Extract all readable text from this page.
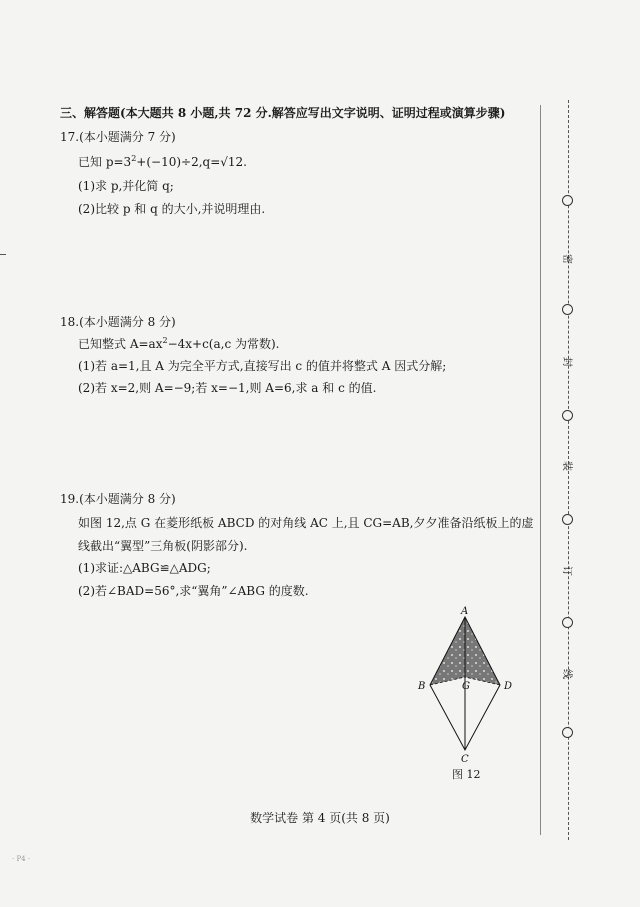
三、解答题(本大题共 8 小题,共 72 分.解答应写出文字说明、证明过程或演算步骤)
17.(本小题满分 7 分)
已知 $p=3^2+(-10)\div 2,q=√12$.
(1)求 p,并化简 q;
(2)比较 p 和 q 的大小,并说明理由.
18.(本小题满分 8 分)
已知整式 $A=ax^2-4x+c(a,c$ 为常数).
(1)若 a=1,且 A 为完全平方式,直接写出 c 的值并将整式 A 因式分解;
(2)若 x=2,则 A=−9;若 x=−1,则 A=6,求 a 和 c 的值.
19.(本小题满分 8 分)
如图 12,点 G 在菱形纸板 ABCD 的对角线 AC 上,且 CG=AB,夕夕准备沿纸板上的虚
线截出“翼型”三角板(阴影部分).
(1)求证:△ABG≌△ADG;
(2)若∠BAD=56°,求“翼角”∠ABG 的度数.
A
B	D
G
C
图 12
密
封
装
订
线
数学试卷 第 4 页(共 8 页)
· P4 ·
